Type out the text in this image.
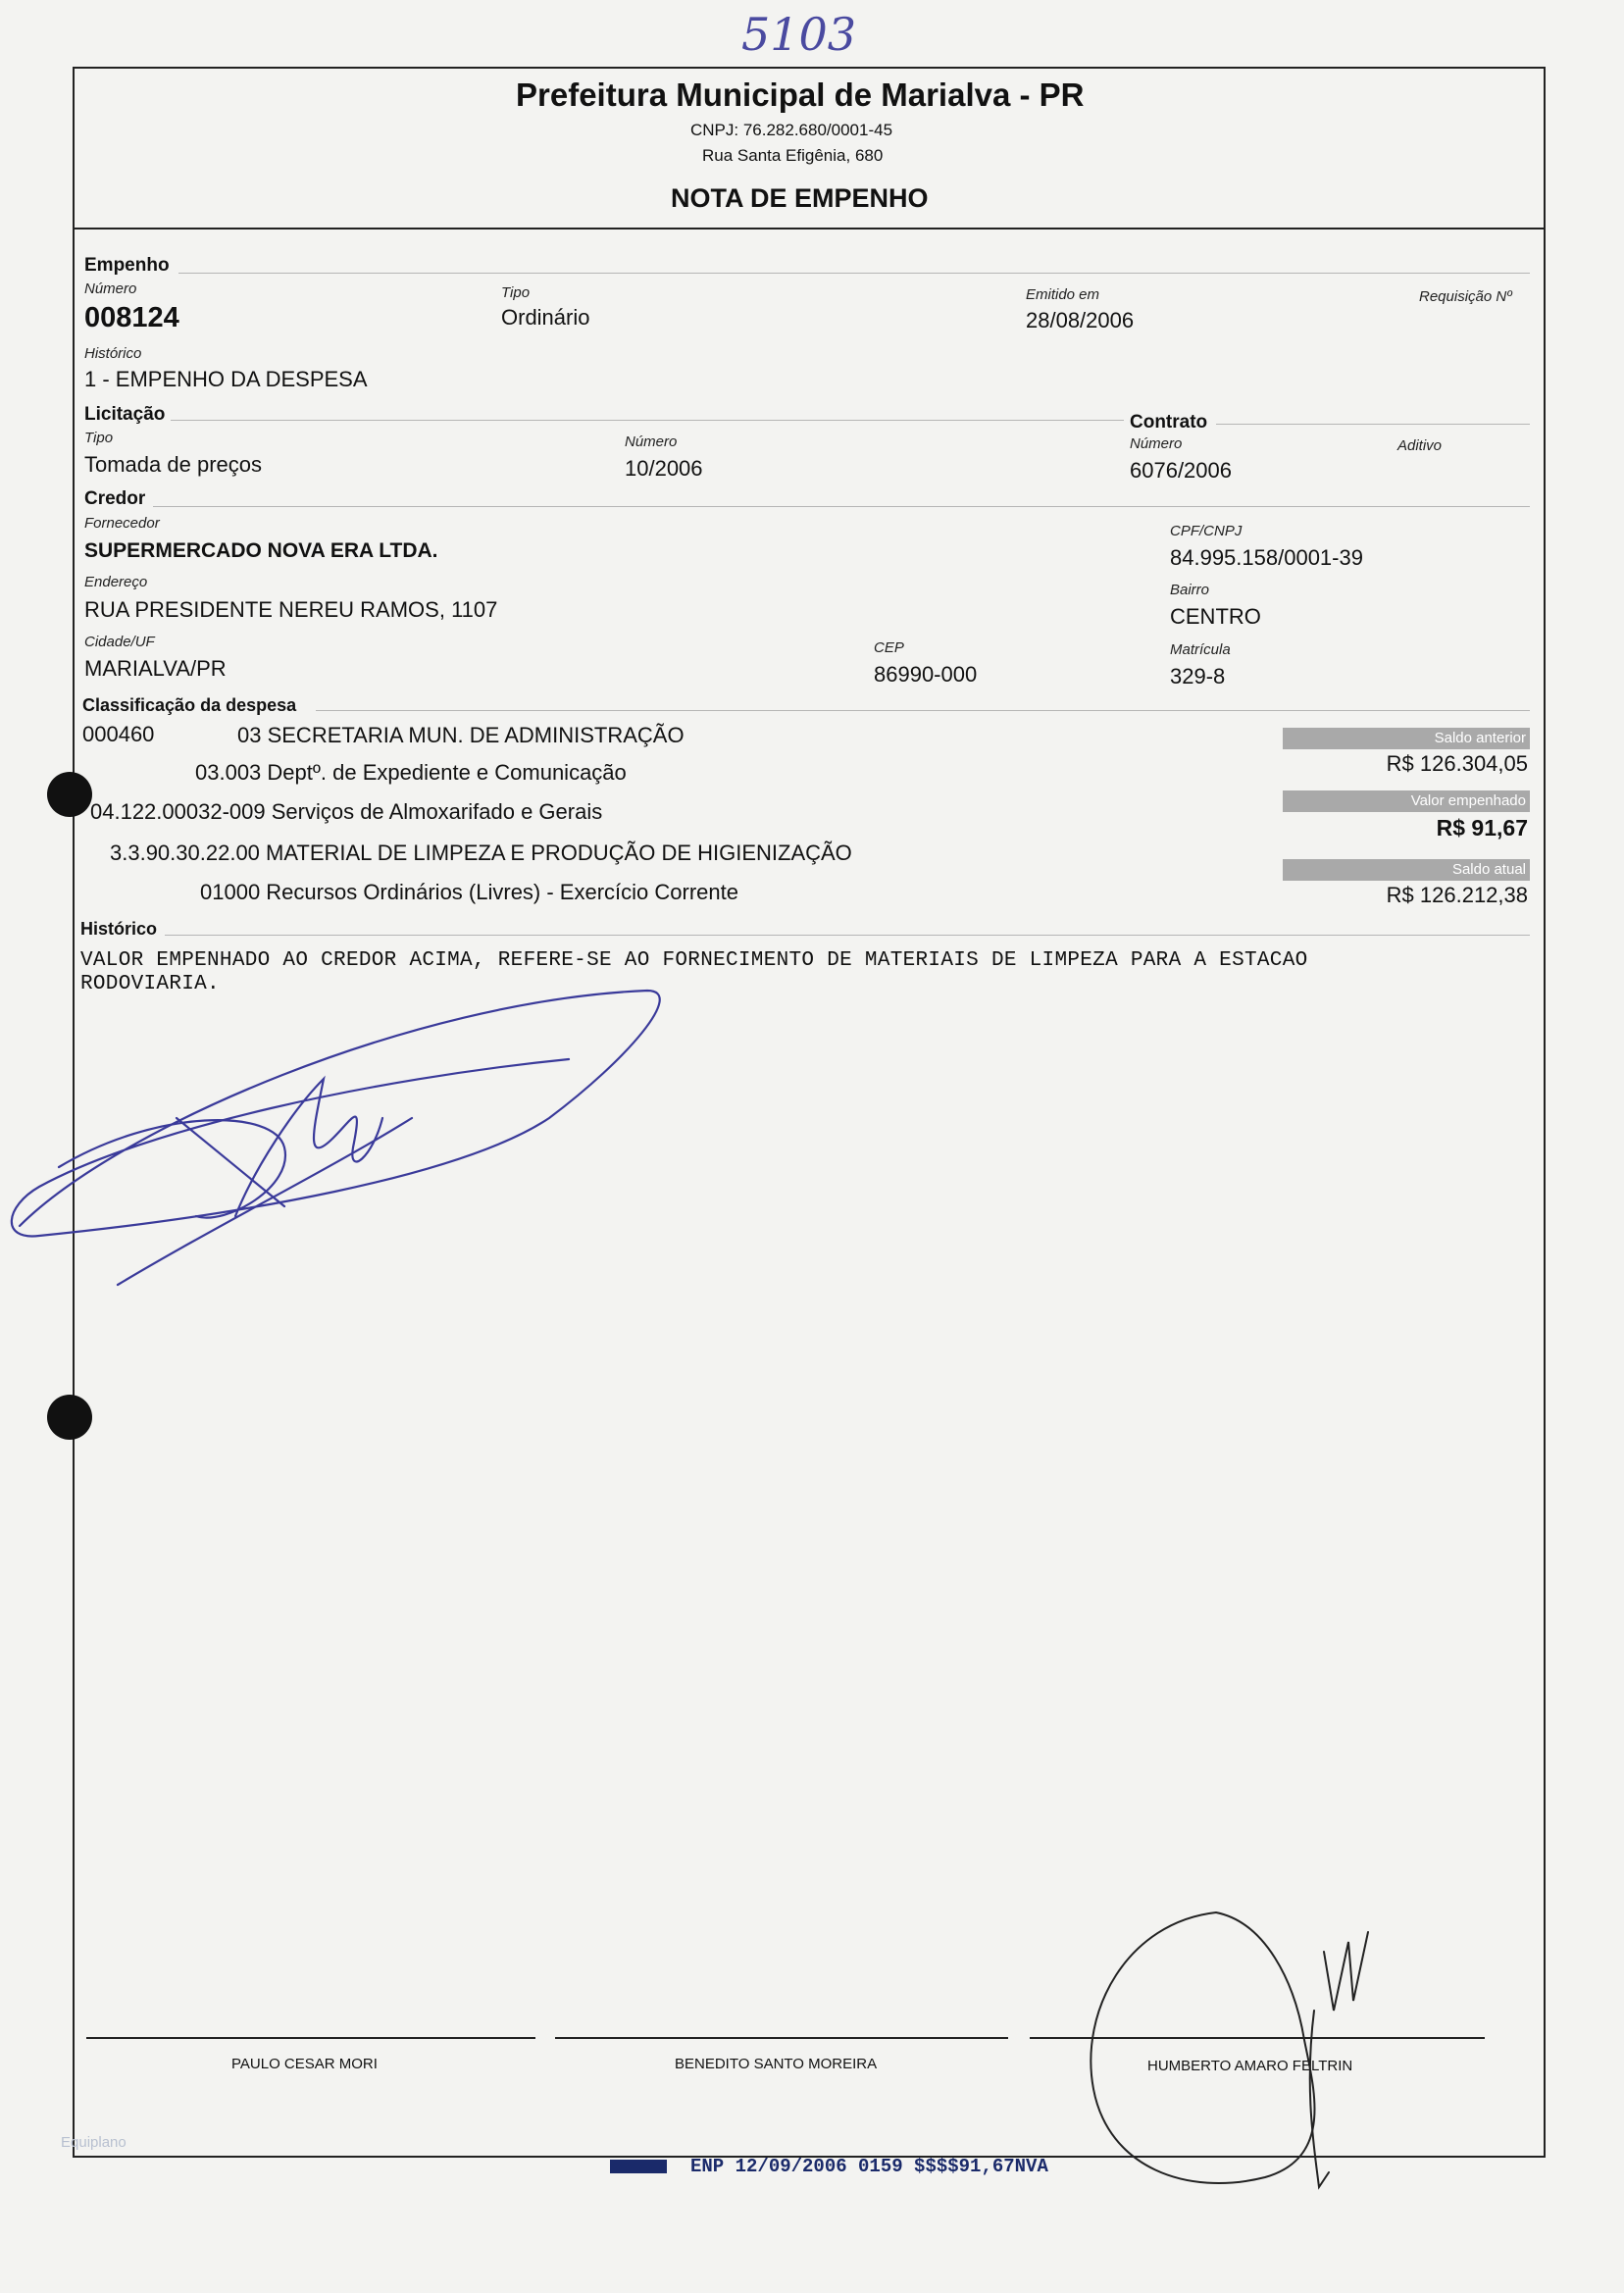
5103
Prefeitura Municipal de Marialva - PR
CNPJ: 76.282.680/0001-45
Rua Santa Efigênia, 680
NOTA DE EMPENHO
Empenho
Número
008124
Tipo
Ordinário
Emitido em
28/08/2006
Requisição Nº
Histórico
1 - EMPENHO DA DESPESA
Licitação	Contrato
Tipo
Tomada de preços
Número
10/2006
Número
6076/2006
Aditivo
Credor
Fornecedor
SUPERMERCADO NOVA ERA LTDA.
CPF/CNPJ
84.995.158/0001-39
Endereço
RUA PRESIDENTE NEREU RAMOS, 1107
Bairro
CENTRO
Cidade/UF
MARIALVA/PR
CEP
86990-000
Matrícula
329-8
Classificação da despesa
000460	03 SECRETARIA MUN. DE ADMINISTRAÇÃO
03.003 Deptº. de Expediente e Comunicação
04.122.00032-009 Serviços de Almoxarifado e Gerais
3.3.90.30.22.00 MATERIAL DE LIMPEZA E PRODUÇÃO DE HIGIENIZAÇÃO
01000 Recursos Ordinários (Livres) - Exercício Corrente
Saldo anterior
R$ 126.304,05
Valor empenhado
R$ 91,67
Saldo atual
R$ 126.212,38
Histórico
VALOR EMPENHADO AO CREDOR ACIMA, REFERE-SE AO FORNECIMENTO DE MATERIAIS DE LIMPEZA PARA A ESTACAO
RODOVIARIA.
PAULO CESAR MORI	BENEDITO SANTO MOREIRA	HUMBERTO AMARO FELTRIN
Equiplano
ENP 12/09/2006 0159 $$$$91,67NVA
